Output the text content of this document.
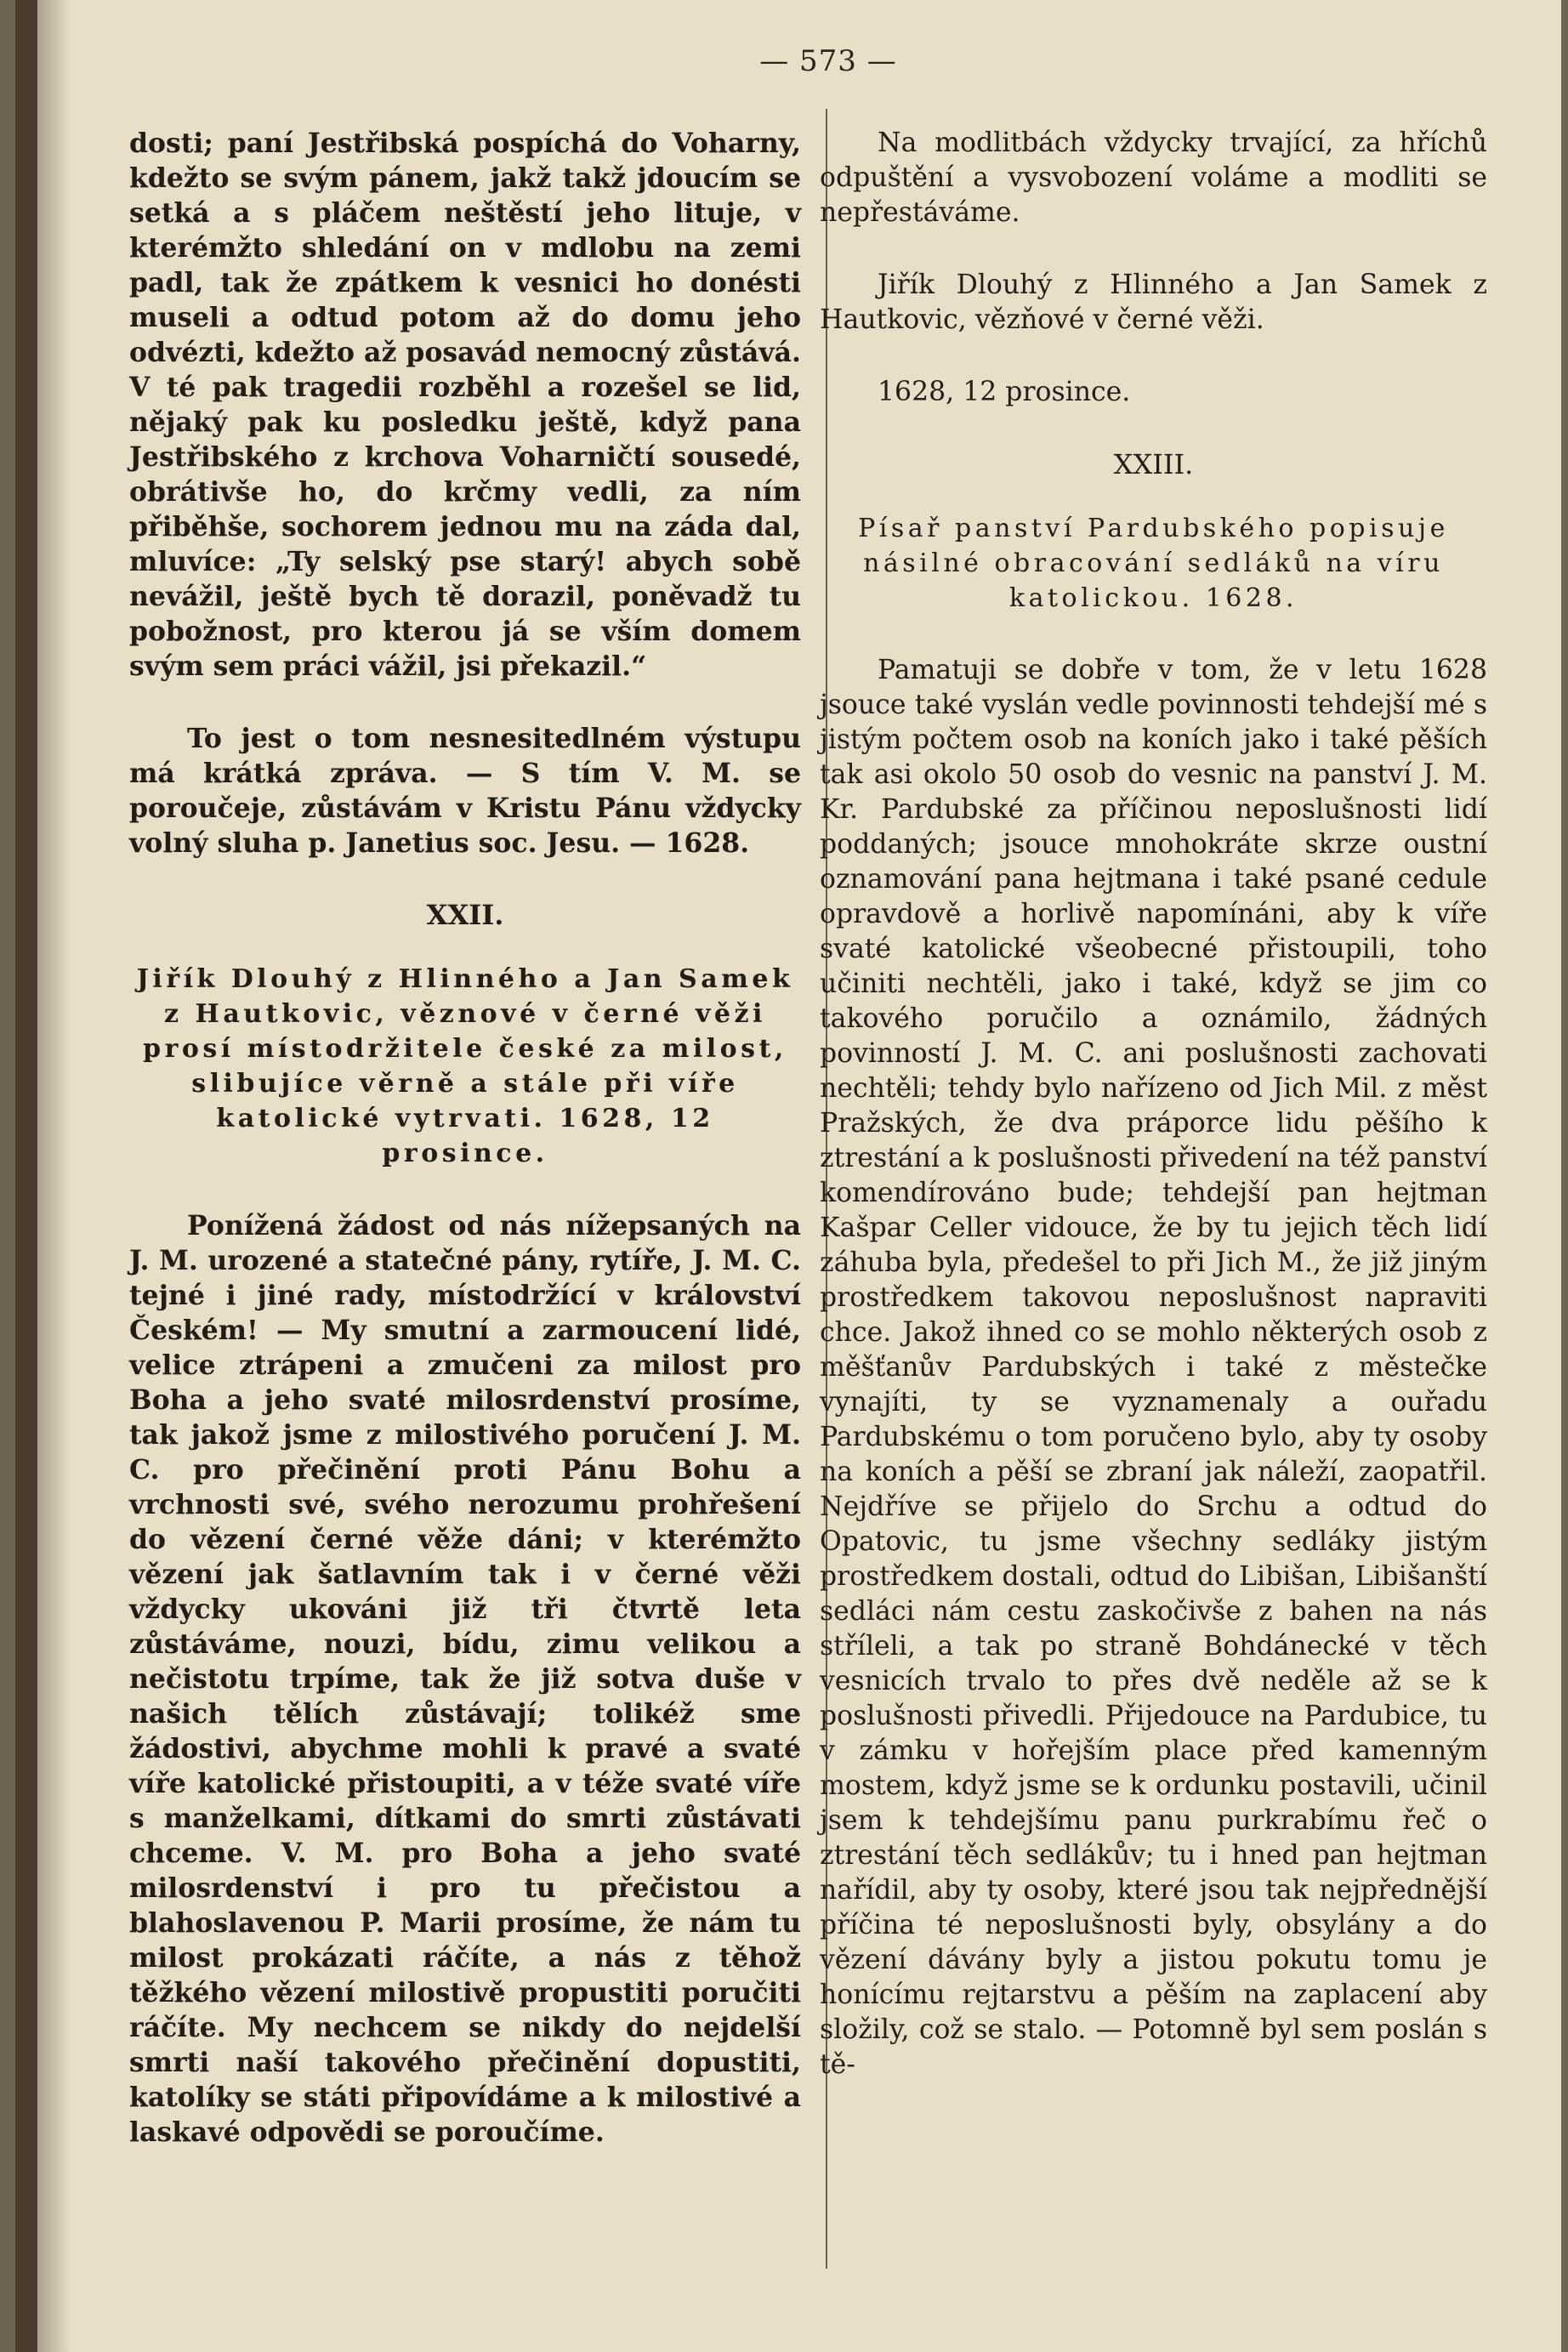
— 573 —

dosti; paní Jestřibská pospíchá do Voharny, kdežto se svým pánem, jakž takž jdoucím se setká a s pláčem neštěstí jeho lituje, v kterémžto shledání on v mdlobu na zemi padl, tak že zpátkem k vesnici ho donésti museli a odtud potom až do domu jeho odvézti, kdežto až posavád nemocný zůstává. V té pak tragedii rozběhl a rozešel se lid, nějaký pak ku posledku ještě, když pana Jestřibského z krchova Voharničtí sousedé, obrátivše ho, do krčmy vedli, za ním přiběhše, sochorem jednou mu na záda dal, mluvíce: „Ty selský pse starý! abych sobě nevážil, ještě bych tě dorazil, poněvadž tu pobožnost, pro kterou já se vším domem svým sem práci vážil, jsi překazil.“

To jest o tom nesnesitedlném výstupu má krátká zpráva. — S tím V. M. se poroučeje, zůstávám v Kristu Pánu vždycky volný sluha p. Janetius soc. Jesu. — 1628.

XXII.

Jiřík Dlouhý z Hlinného a Jan Samek z Hautkovic, věznové v černé věži prosí místodržitele české za milost, slibujíce věrně a stále při víře katolické vytrvati. 1628, 12 prosince.

Ponížená žádost od nás nížepsaných na J. M. urozené a statečné pány, rytíře, J. M. C. tejné i jiné rady, místodržící v království Českém! — My smutní a zarmoucení lidé, velice ztrápeni a zmučeni za milost pro Boha a jeho svaté milosrdenství prosíme, tak jakož jsme z milostivého poručení J. M. C. pro přečinění proti Pánu Bohu a vrchnosti své, svého nerozumu prohřešení do vězení černé věže dáni; v kterémžto vězení jak šatlavním tak i v černé věži vždycky ukováni již tři čtvrtě leta zůstáváme, nouzi, bídu, zimu velikou a nečistotu trpíme, tak že již sotva duše v našich tělích zůstávají; tolikéž sme žádostivi, abychme mohli k pravé a svaté víře katolické přistoupiti, a v téže svaté víře s manželkami, dítkami do smrti zůstávati chceme. V. M. pro Boha a jeho svaté milosrdenství i pro tu přečistou a blahoslavenou P. Marii prosíme, že nám tu milost prokázati ráčíte, a nás z těhož těžkého vězení milostivě propustiti poručiti ráčíte. My nechcem se nikdy do nejdelší smrti naší takového přečinění dopustiti, katolíky se státi připovídáme a k milostivé a laskavé odpovědi se poroučíme.

Na modlitbách vždycky trvající, za hříchů odpuštění a vysvobození voláme a modliti se nepřestáváme.

Jiřík Dlouhý z Hlinného a Jan Samek z Hautkovic, vězňové v černé věži.

1628, 12 prosince.

XXIII.

Písař panství Pardubského popisuje násilné obracování sedláků na víru katolickou. 1628.

Pamatuji se dobře v tom, že v letu 1628 jsouce také vyslán vedle povinnosti tehdejší mé s jistým počtem osob na koních jako i také pěších tak asi okolo 50 osob do vesnic na panství J. M. Kr. Pardubské za příčinou neposlušnosti lidí poddaných; jsouce mnohokráte skrze oustní oznamování pana hejtmana i také psané cedule opravdově a horlivě napomínáni, aby k víře svaté katolické všeobecné přistoupili, toho učiniti nechtěli, jako i také, když se jim co takového poručilo a oznámilo, žádných povinností J. M. C. ani poslušnosti zachovati nechtěli; tehdy bylo nařízeno od Jich Mil. z měst Pražských, že dva práporce lidu pěšího k ztrestání a k poslušnosti přivedení na též panství komendírováno bude; tehdejší pan hejtman Kašpar Celler vidouce, že by tu jejich těch lidí záhuba byla, předešel to při Jich M., že již jiným prostředkem takovou neposlušnost napraviti chce. Jakož ihned co se mohlo některých osob z měšťanův Pardubských i také z městečke vynajíti, ty se vyznamenaly a ouřadu Pardubskému o tom poručeno bylo, aby ty osoby na koních a pěší se zbraní jak náleží, zaopatřil. Nejdříve se přijelo do Srchu a odtud do Opatovic, tu jsme všechny sedláky jistým prostředkem dostali, odtud do Libišan, Libišanští sedláci nám cestu zaskočivše z bahen na nás stříleli, a tak po straně Bohdánecké v těch vesnicích trvalo to přes dvě neděle až se k poslušnosti přivedli. Přijedouce na Pardubice, tu v zámku v hořejším place před kamenným mostem, když jsme se k ordunku postavili, učinil jsem k tehdejšímu panu purkrabímu řeč o ztrestání těch sedlákův; tu i hned pan hejtman nařídil, aby ty osoby, které jsou tak nejpřednější příčina té neposlušnosti byly, obsylány a do vězení dávány byly a jistou pokutu tomu je honícímu rejtarstvu a pěším na zaplacení aby složily, což se stalo. — Potomně byl sem poslán s tě-
